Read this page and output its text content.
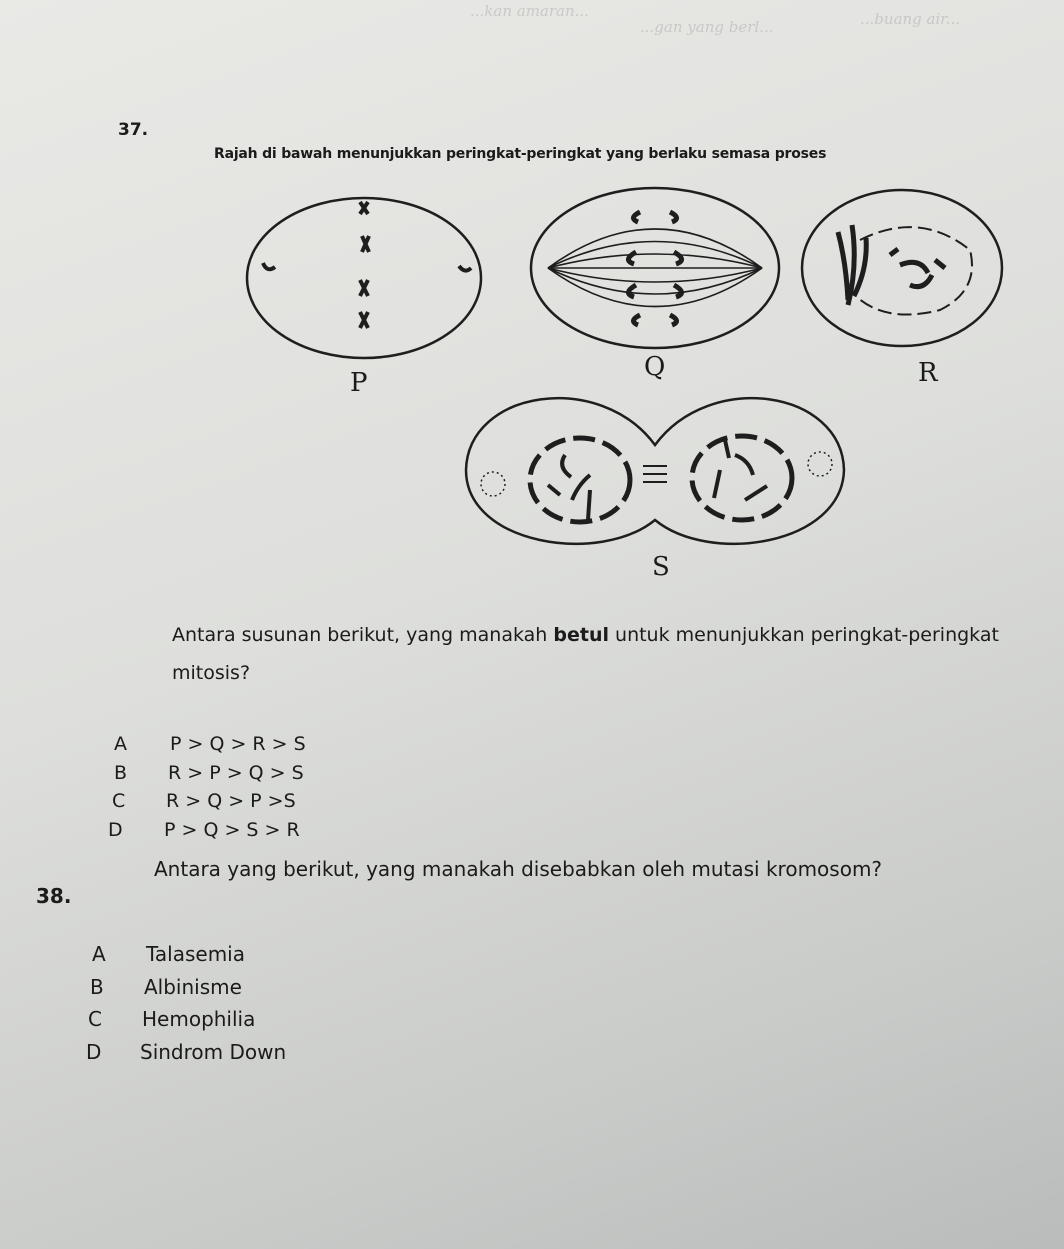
...kan amaran...
...gan yang berl...	...buang air...
37.
Rajah di bawah menunjukkan peringkat-peringkat yang berlaku semasa proses
P
Q	R
S
Antara susunan berikut, yang manakah betul untuk menunjukkan peringkat-peringkat mitosis?
A P > Q > R > S
B R > P > Q > S
C R > Q > P >S
D P > Q > S > R
38.
Antara yang berikut, yang manakah disebabkan oleh mutasi kromosom?
A Talasemia
B Albinisme
C Hemophilia
D Sindrom Down
